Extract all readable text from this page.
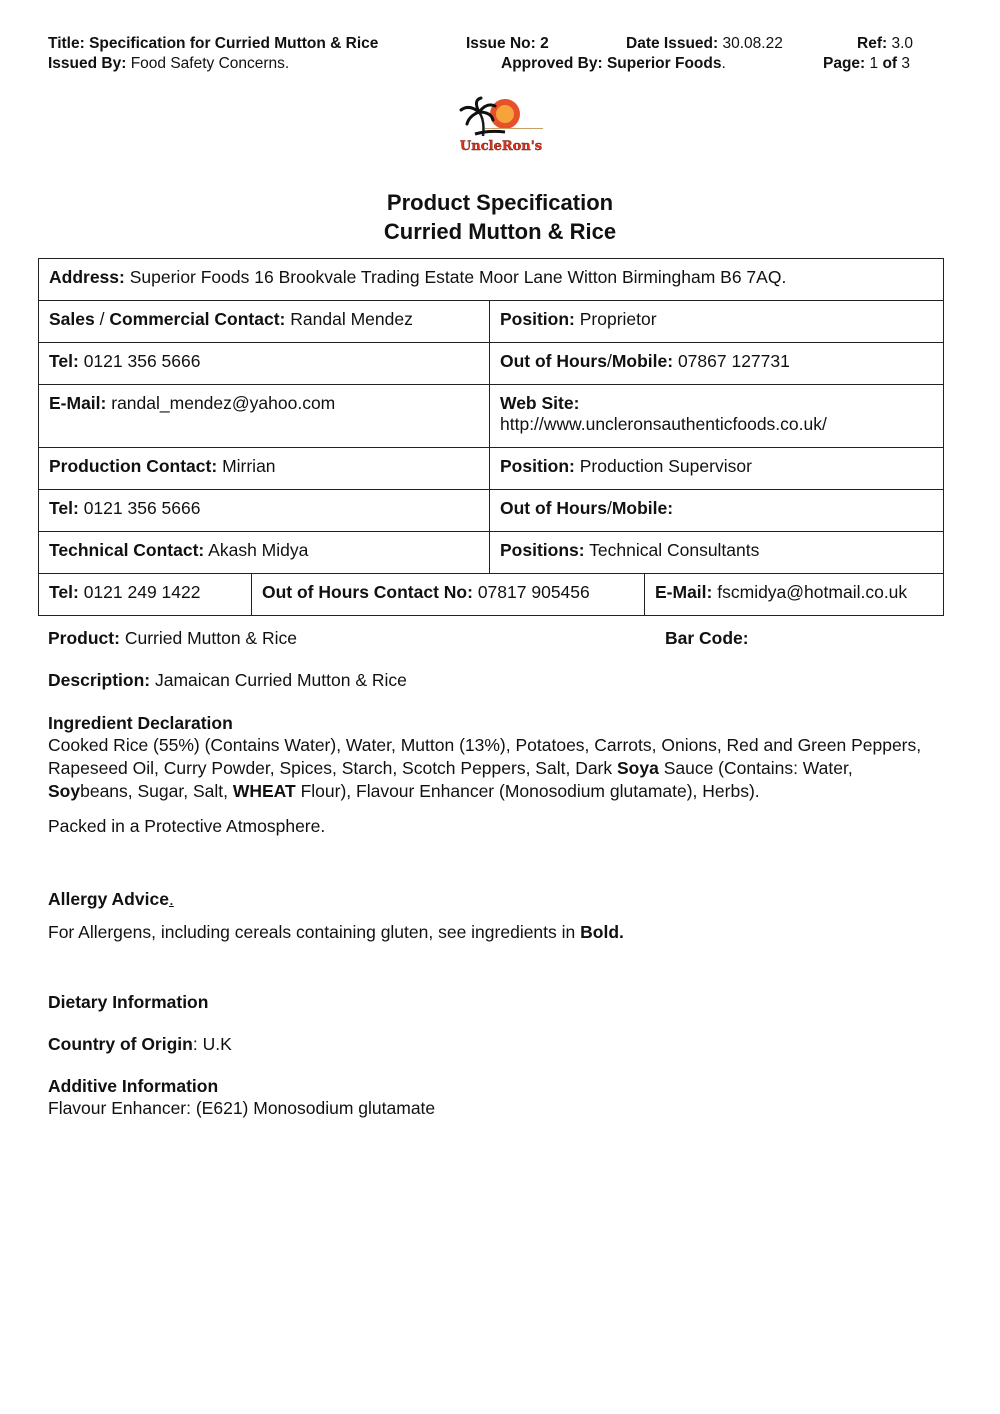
Title: Specification for Curried Mutton & Rice	Issue No: 2	Date Issued: 30.08.22	Ref: 3.0
Issued By: Food Safety Concerns.	Approved By: Superior Foods.	Page: 1 of 3
UncleRon's
Product Specification
Curried Mutton & Rice
Address: Superior Foods 16 Brookvale Trading Estate Moor Lane Witton Birmingham B6 7AQ.			
Sales / Commercial Contact: Randal Mendez		Position: Proprietor	
Tel: 0121 356 5666		Out of Hours/Mobile: 07867 127731	
E-Mail: randal_mendez@yahoo.com		Web Site:
http://www.uncleronsauthenticfoods.co.uk/	

Production Contact: Mirrian		Position: Production Supervisor	
Tel: 0121 356 5666		Out of Hours/Mobile:	
Technical Contact: Akash Midya		Positions: Technical Consultants	
Tel: 0121 249 1422	Out of Hours Contact No: 07817 905456		E-Mail: fscmidya@hotmail.co.uk
Product: Curried Mutton & Rice	Bar Code:
Description: Jamaican Curried Mutton & Rice
Ingredient Declaration
Cooked Rice (55%) (Contains Water), Water, Mutton (13%), Potatoes, Carrots, Onions, Red and Green Peppers, Rapeseed Oil, Curry Powder, Spices, Starch, Scotch Peppers, Salt, Dark Soya Sauce (Contains: Water, Soybeans, Sugar, Salt, WHEAT Flour), Flavour Enhancer (Monosodium glutamate), Herbs).
Packed in a Protective Atmosphere.
Allergy Advice.
For Allergens, including cereals containing gluten, see ingredients in Bold.
Dietary Information
Country of Origin: U.K
Additive Information
Flavour Enhancer: (E621) Monosodium glutamate
